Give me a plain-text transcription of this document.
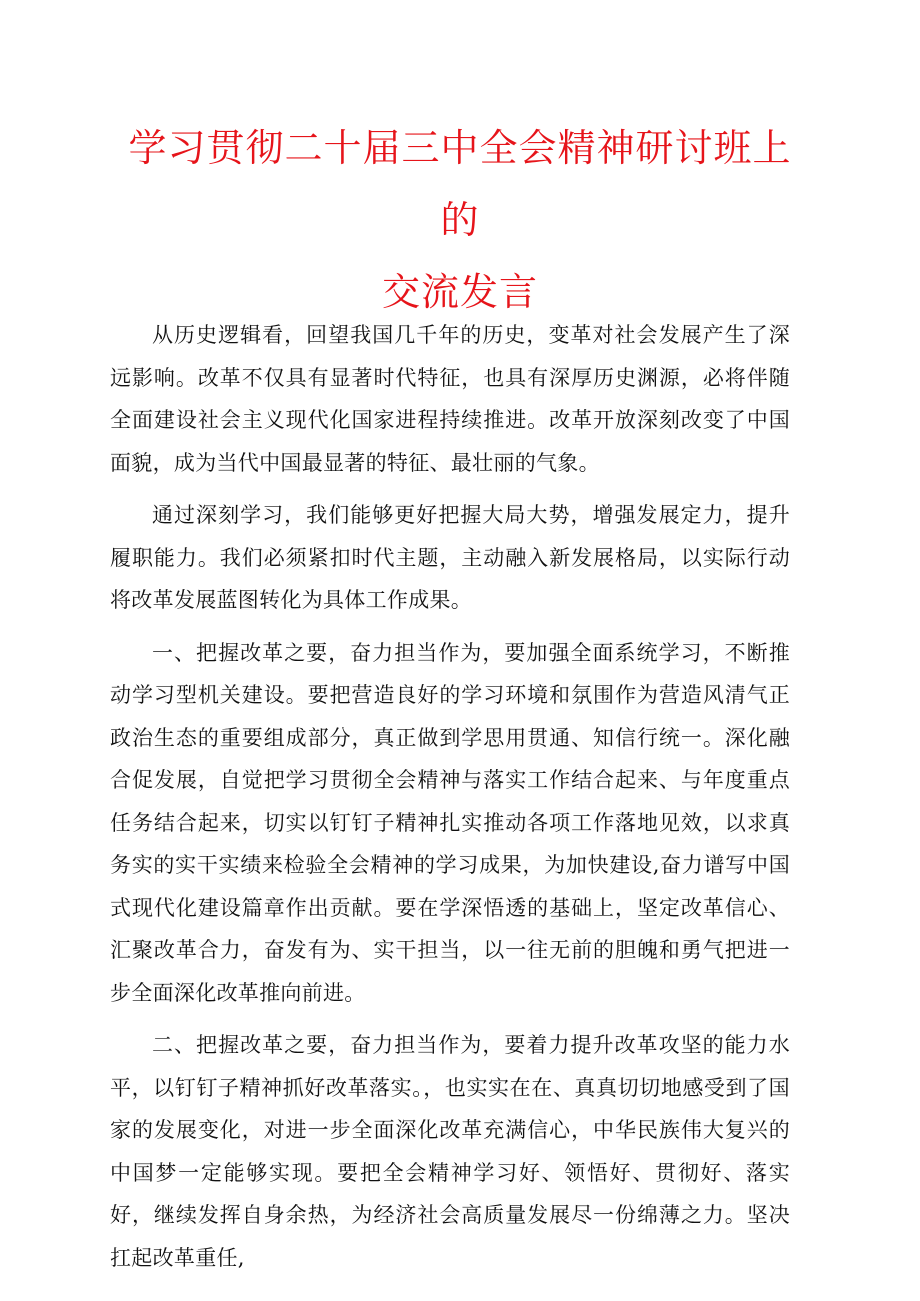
学习贯彻二十届三中全会精神研讨班上的
交流发言

从历史逻辑看，回望我国几千年的历史，变革对社会发展产生了深远影响。改革不仅具有显著时代特征，也具有深厚历史渊源，必将伴随全面建设社会主义现代化国家进程持续推进。改革开放深刻改变了中国面貌，成为当代中国最显著的特征、最壮丽的气象。

通过深刻学习，我们能够更好把握大局大势，增强发展定力，提升履职能力。我们必须紧扣时代主题，主动融入新发展格局，以实际行动将改革发展蓝图转化为具体工作成果。

一、把握改革之要，奋力担当作为，要加强全面系统学习，不断推动学习型机关建设。要把营造良好的学习环境和氛围作为营造风清气正政治生态的重要组成部分，真正做到学思用贯通、知信行统一。深化融合促发展，自觉把学习贯彻全会精神与落实工作结合起来、与年度重点任务结合起来，切实以钉钉子精神扎实推动各项工作落地见效，以求真务实的实干实绩来检验全会精神的学习成果，为加快建设,奋力谱写中国式现代化建设篇章作出贡献。要在学深悟透的基础上，坚定改革信心、汇聚改革合力，奋发有为、实干担当，以一往无前的胆魄和勇气把进一步全面深化改革推向前进。

二、把握改革之要，奋力担当作为，要着力提升改革攻坚的能力水平，以钉钉子精神抓好改革落实。，也实实在在、真真切切地感受到了国家的发展变化，对进一步全面深化改革充满信心，中华民族伟大复兴的中国梦一定能够实现。要把全会精神学习好、领悟好、贯彻好、落实好，继续发挥自身余热，为经济社会高质量发展尽一份绵薄之力。坚决扛起改革重任,
